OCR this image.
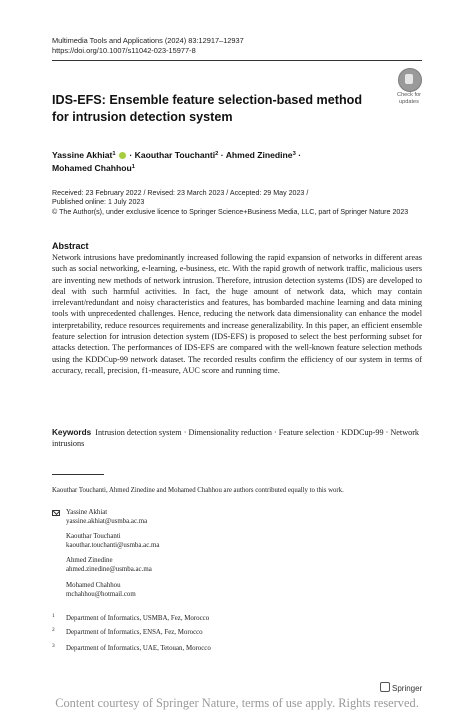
Multimedia Tools and Applications (2024) 83:12917–12937
https://doi.org/10.1007/s11042-023-15977-8
Check for
updates
IDS-EFS: Ensemble feature selection-based method for intrusion detection system
Yassine Akhiat$^1$  · Kaouthar Touchanti$^2$ · Ahmed Zinedine$^3$ ·
Mohamed Chahhou$^1$
Received: 23 February 2022 / Revised: 23 March 2023 / Accepted: 29 May 2023 /
Published online: 1 July 2023
© The Author(s), under exclusive licence to Springer Science+Business Media, LLC, part of Springer Nature 2023
Abstract
Network intrusions have predominantly increased following the rapid expansion of networks in different areas such as social networking, e-learning, e-business, etc. With the rapid growth of network traffic, malicious users are inventing new methods of network intrusion. Therefore, intrusion detection systems (IDS) are developed to deal with such harmful activities. In fact, the huge amount of network data, which may contain irrelevant/redundant and noisy characteristics and features, has bombarded machine learning and data mining tools with unprecedented challenges. Hence, reducing the network data dimensionality can enhance the model interpretability, reduce resources requirements and increase generalizability. In this paper, an efficient ensemble feature selection for intrusion detection system (IDS-EFS) is proposed to select the best performing subset for attacks detection. The performances of IDS-EFS are compared with the well-known feature selection methods using the KDDCup-99 network dataset. The recorded results confirm the efficiency of our system in terms of accuracy, recall, precision, f1-measure, AUC score and running time.
Keywords Intrusion detection system · Dimensionality reduction · Feature selection · KDDCup-99 · Network intrusions
Kaouthar Touchanti, Ahmed Zinedine and Mohamed Chahhou are authors contributed equally to this work.
Yassine Akhiat
yassine.akhiat@usmba.ac.ma
Kaouthar Touchanti
kaouthar.touchanti@usmba.ac.ma
Ahmed Zinedine
ahmed.zinedine@usmba.ac.ma
Mohamed Chahhou
mchahhou@hotmail.com
1 Department of Informatics, USMBA, Fez, Morocco
2 Department of Informatics, ENSA, Fez, Morocco
3 Department of Informatics, UAE, Tetouan, Morocco
Springer
Content courtesy of Springer Nature, terms of use apply. Rights reserved.
